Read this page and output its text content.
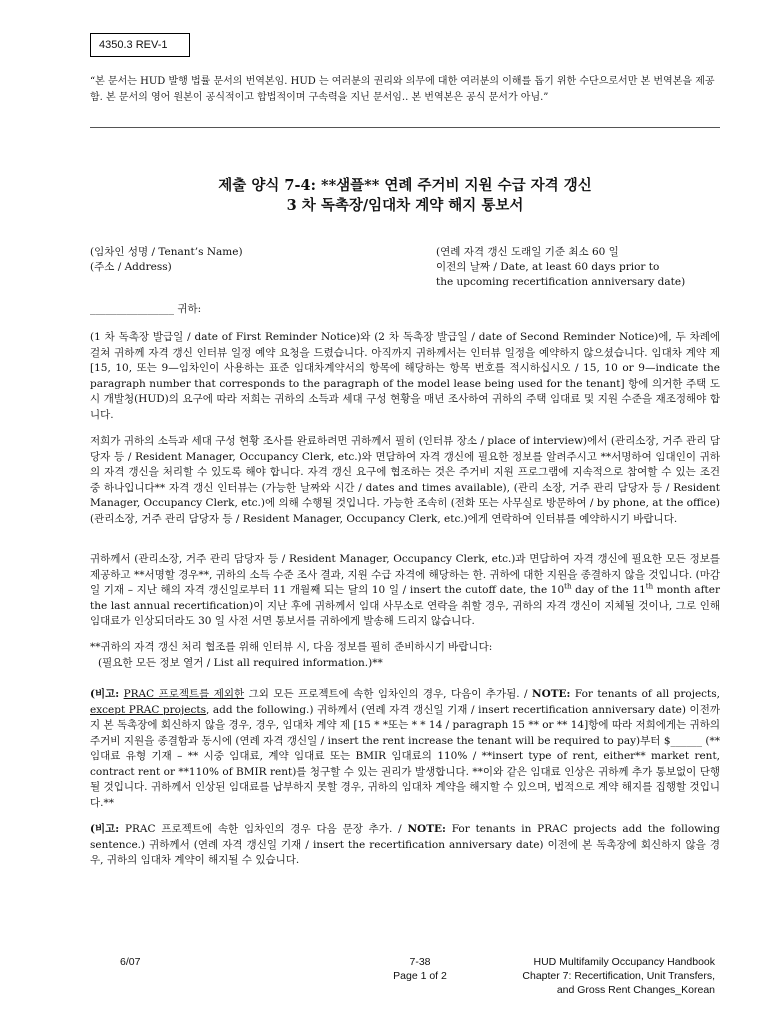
4350.3 REV-1
“본 문서는 HUD 발행 법률 문서의 번역본임. HUD 는 여러분의 권리와 의무에 대한 여러분의 이해를 돕기 위한 수단으로서만 본 번역본을 제공함. 본 문서의 영어 원본이 공식적이고 합법적이며 구속력을 지닌 문서임.. 본 번역본은 공식 문서가 아님.”
제출 양식 7-4: **샘플** 연례 주거비 지원 수급 자격 갱신
3 차 독촉장/임대차 계약 해지 통보서
(임차인 성명 / Tenant’s Name)
(주소 / Address)
(연례 자격 갱신 도래일 기준 최소 60 일
이전의 날짜 / Date, at least 60 days prior to
the upcoming recertification anniversary date)
________________ 귀하:
(1 차 독촉장 발급일 / date of First Reminder Notice)와 (2 차 독촉장 발급일 / date of Second Reminder Notice)에, 두 차례에 걸쳐 귀하께 자격 갱신 인터뷰 일정 예약 요청을 드렸습니다. 아직까지 귀하께서는 인터뷰 일정을 예약하지 않으셨습니다. 임대차 계약 제[15, 10, 또는 9—임차인이 사용하는 표준 임대차계약서의 항목에 해당하는 항목 번호를 적시하십시오 / 15, 10 or 9—indicate the paragraph number that corresponds to the paragraph of the model lease being used for the tenant] 항에 의거한 주택 도시 개발청(HUD)의 요구에 따라 저희는 귀하의 소득과 세대 구성 현황을 매년 조사하여 귀하의 주택 임대료 및 지원 수준을 재조정해야 합니다.
저희가 귀하의 소득과 세대 구성 현황 조사를 완료하려면 귀하께서 필히 (인터뷰 장소 / place of interview)에서 (관리소장, 거주 관리 담당자 등 / Resident Manager, Occupancy Clerk, etc.)와 면담하여 자격 갱신에 필요한 정보를 알려주시고 **서명하여 임대인이 귀하의 자격 갱신을 처리할 수 있도록 해야 합니다. 자격 갱신 요구에 협조하는 것은 주거비 지원 프로그램에 지속적으로 참여할 수 있는 조건 중 하나입니다** 자격 갱신 인터뷰는 (가능한 날짜와 시간 / dates and times available), (관리 소장, 거주 관리 담당자 등 / Resident Manager, Occupancy Clerk, etc.)에 의해 수행될 것입니다. 가능한 조속히 (전화 또는 사무실로 방문하여 / by phone, at the office) (관리소장, 거주 관리 담당자 등 / Resident Manager, Occupancy Clerk, etc.)에게 연락하여 인터뷰를 예약하시기 바랍니다.
귀하께서 (관리소장, 거주 관리 담당자 등 / Resident Manager, Occupancy Clerk, etc.)과 면담하여 자격 갱신에 필요한 모든 정보를 제공하고 **서명할 경우**, 귀하의 소득 수준 조사 결과, 지원 수급 자격에 해당하는 한. 귀하에 대한 지원을 종결하지 않을 것입니다. (마감일 기재 – 지난 해의 자격 갱신일로부터 11 개월째 되는 달의 10 일 / insert the cutoff date, the 10th day of the 11th month after the last annual recertification)이 지난 후에 귀하께서 임대 사무소로 연락을 취할 경우, 귀하의 자격 갱신이 지체될 것이나, 그로 인해 임대료가 인상되더라도 30 일 사전 서면 통보서를 귀하에게 발송해 드리지 않습니다.
**귀하의 자격 갱신 처리 협조를 위해 인터뷰 시, 다음 정보를 필히 준비하시기 바랍니다:
(필요한 모든 정보 열거 / List all required information.)**
(비고: PRAC 프로젝트를 제외한 그외 모든 프로젝트에 속한 임차인의 경우, 다음이 추가됨. / NOTE: For tenants of all projects, except PRAC projects, add the following.) 귀하께서 (연례 자격 갱신일 기재 / insert recertification anniversary date) 이전까지 본 독촉장에 회신하지 않을 경우, 경우, 임대차 계약 제 [15 * *또는 * * 14 / paragraph 15 ** or ** 14]항에 따라 저희에게는 귀하의 주거비 지원을 종결함과 동시에 (연례 자격 갱신일 / insert the rent increase the tenant will be required to pay)부터 $______ (**임대료 유형 기재 – ** 시중 임대료, 계약 임대료 또는 BMIR 임대료의 110% / **insert type of rent, either** market rent, contract rent or **110% of BMIR rent)를 청구할 수 있는 권리가 발생합니다. **이와 같은 임대료 인상은 귀하께 추가 통보없이 단행될 것입니다. 귀하께서 인상된 임대료를 납부하지 못할 경우, 귀하의 임대차 계약을 해지할 수 있으며, 법적으로 계약 해지를 집행할 것입니다.**
(비고: PRAC 프로젝트에 속한 임차인의 경우 다음 문장 추가. / NOTE: For tenants in PRAC projects add the following sentence.) 귀하께서 (연례 자격 갱신일 기재 / insert the recertification anniversary date) 이전에 본 독촉장에 회신하지 않을 경우, 귀하의 임대차 계약이 해지될 수 있습니다.
6/07	7-38
Page 1 of 2
HUD Multifamily Occupancy Handbook
Chapter 7: Recertification, Unit Transfers,
and Gross Rent Changes_Korean
